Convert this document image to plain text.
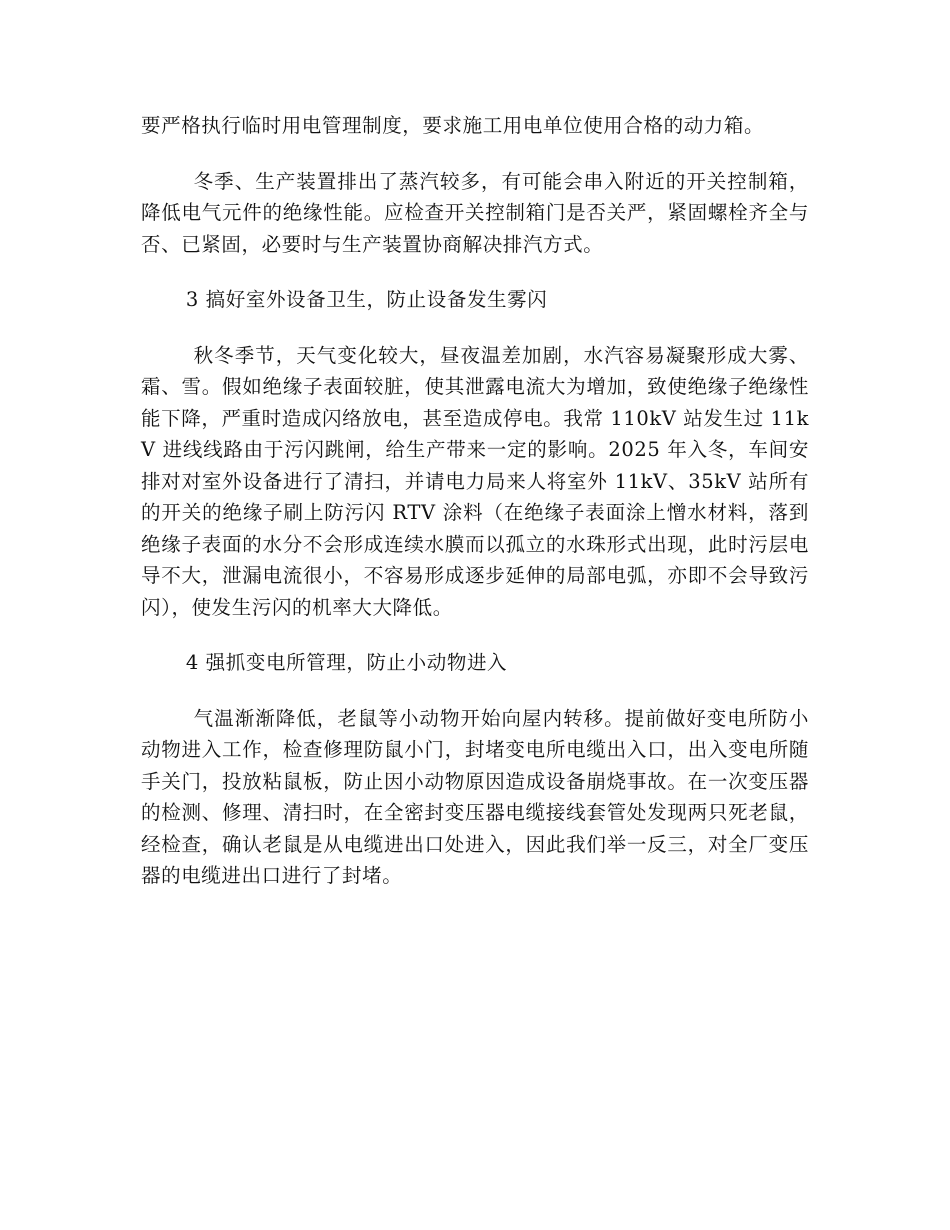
要严格执行临时用电管理制度，要求施工用电单位使用合格的动力箱。

冬季、生产装置排出了蒸汽较多，有可能会串入附近的开关控制箱，降低电气元件的绝缘性能。应检查开关控制箱门是否关严，紧固螺栓齐全与否、已紧固，必要时与生产装置协商解决排汽方式。

3 搞好室外设备卫生，防止设备发生雾闪

秋冬季节，天气变化较大，昼夜温差加剧，水汽容易凝聚形成大雾、霜、雪。假如绝缘子表面较脏，使其泄露电流大为增加，致使绝缘子绝缘性能下降，严重时造成闪络放电，甚至造成停电。我常 110kV 站发生过 11kV 进线线路由于污闪跳闸，给生产带来一定的影响。2025 年入冬，车间安排对对室外设备进行了清扫，并请电力局来人将室外 11kV、35kV 站所有的开关的绝缘子刷上防污闪 RTV 涂料（在绝缘子表面涂上憎水材料，落到绝缘子表面的水分不会形成连续水膜而以孤立的水珠形式出现，此时污层电导不大，泄漏电流很小，不容易形成逐步延伸的局部电弧，亦即不会导致污闪），使发生污闪的机率大大降低。

4 强抓变电所管理，防止小动物进入

气温渐渐降低，老鼠等小动物开始向屋内转移。提前做好变电所防小动物进入工作，检查修理防鼠小门，封堵变电所电缆出入口，出入变电所随手关门，投放粘鼠板，防止因小动物原因造成设备崩烧事故。在一次变压器的检测、修理、清扫时，在全密封变压器电缆接线套管处发现两只死老鼠，经检查，确认老鼠是从电缆进出口处进入，因此我们举一反三，对全厂变压器的电缆进出口进行了封堵。
